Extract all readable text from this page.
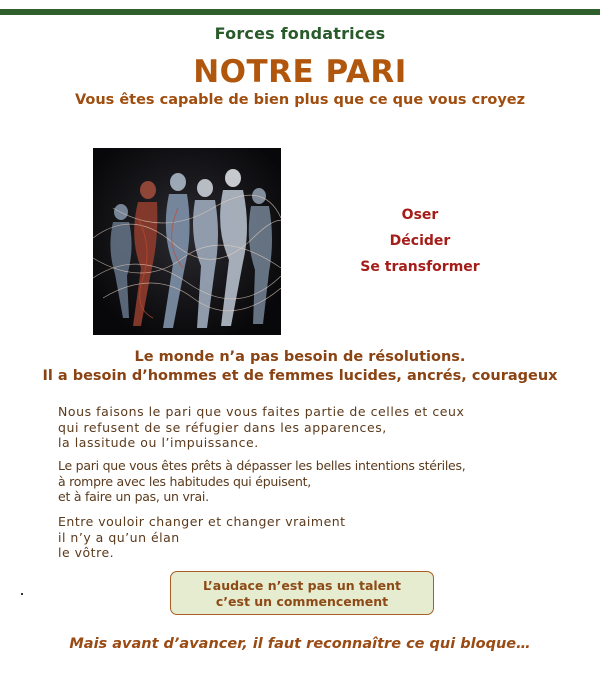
Forces fondatrices
NOTRE PARI
Vous êtes capable de bien plus que ce que vous croyez
Oser
Décider
Se transformer
Le monde n’a pas besoin de résolutions.
Il a besoin d’hommes et de femmes lucides, ancrés, courageux
Nous faisons le pari que vous faites partie de celles et ceux
qui refusent de se réfugier dans les apparences,
la lassitude ou l’impuissance.
Le pari que vous êtes prêts à dépasser les belles intentions stériles,
à rompre avec les habitudes qui épuisent,
et à faire un pas, un vrai.
Entre vouloir changer et changer vraiment
il n’y a qu’un élan
le vôtre.
L’audace n’est pas un talent
c’est un commencement
Mais avant d’avancer, il faut reconnaître ce qui bloque…
